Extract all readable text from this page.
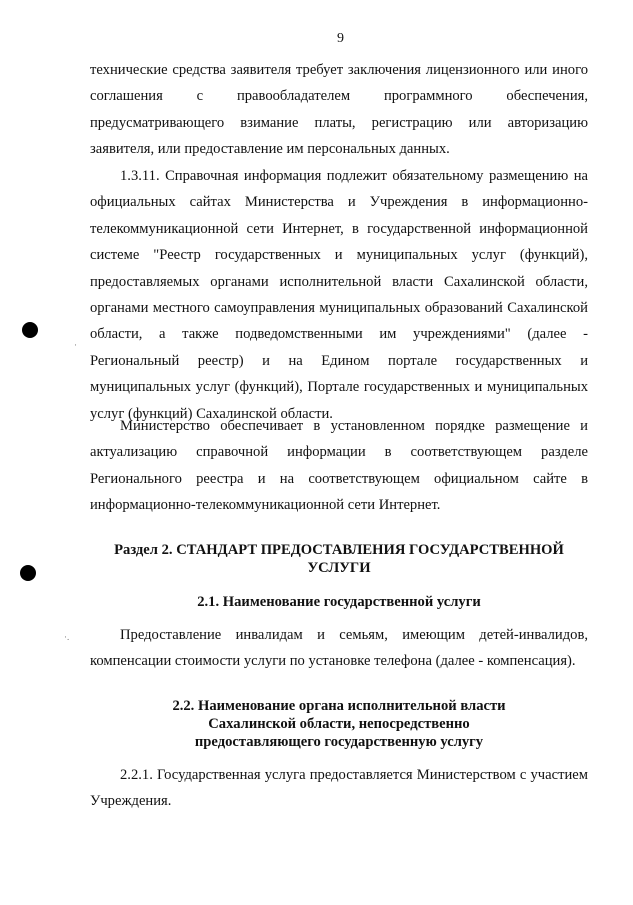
9

технические средства заявителя требует заключения лицензионного или иного соглашения с правообладателем программного обеспечения, предусматривающего взимание платы, регистрацию или авторизацию заявителя, или предоставление им персональных данных.

1.3.11. Справочная информация подлежит обязательному размещению на официальных сайтах Министерства и Учреждения в информационно-телекоммуникационной сети Интернет, в государственной информационной системе "Реестр государственных и муниципальных услуг (функций), предоставляемых органами исполнительной власти Сахалинской области, органами местного самоуправления муниципальных образований Сахалинской области, а также подведомственными им учреждениями" (далее - Региональный реестр) и на Едином портале государственных и муниципальных услуг (функций), Портале государственных и муниципальных услуг (функций) Сахалинской области.

Министерство обеспечивает в установленном порядке размещение и актуализацию справочной информации в соответствующем разделе Регионального реестра и на соответствующем официальном сайте в информационно-телекоммуникационной сети Интернет.

Раздел 2. СТАНДАРТ ПРЕДОСТАВЛЕНИЯ ГОСУДАРСТВЕННОЙ
УСЛУГИ
2.1. Наименование государственной услуги

Предоставление инвалидам и семьям, имеющим детей-инвалидов, компенсации стоимости услуги по установке телефона (далее - компенсация).

2.2. Наименование органа исполнительной власти
Сахалинской области, непосредственно
предоставляющего государственную услугу

2.2.1. Государственная услуга предоставляется Министерством с участием Учреждения.

·
·.
